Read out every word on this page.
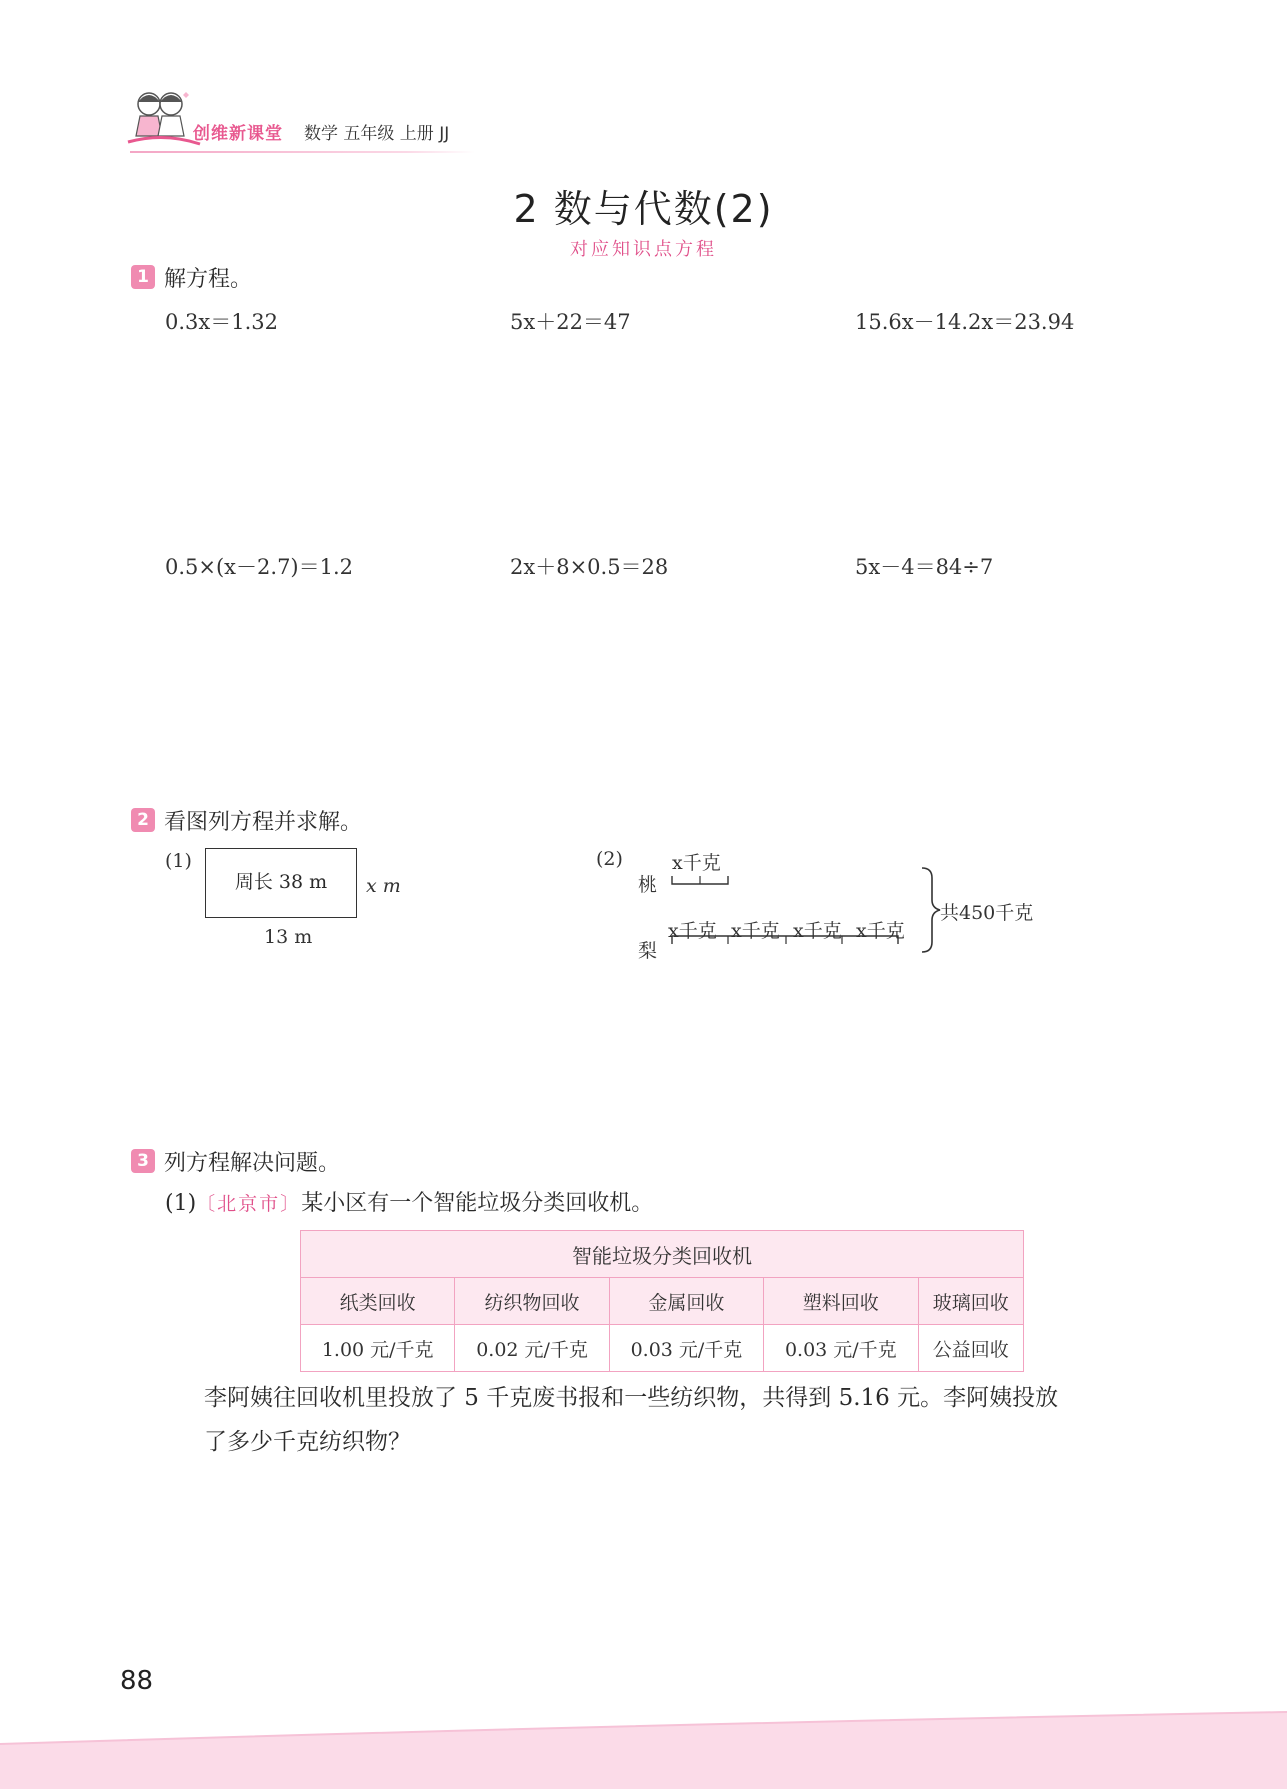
创维新课堂 数学 五年级 上册 JJ
2 数与代数(2)
对应知识点方程
1 解方程。
0.3x＝1.32	5x＋22＝47	15.6x－14.2x＝23.94
0.5×(x－2.7)＝1.2	2x＋8×0.5＝28	5x－4＝84÷7
2 看图列方程并求解。
(1)
周长 38 m	x m
13 m
(2)
桃
梨
x千克
x千克 x千克 x千克 x千克
共450千克
3 列方程解决问题。
(1)〔北京市〕某小区有一个智能垃圾分类回收机。
智能垃圾分类回收机				
纸类回收	纺织物回收	金属回收	塑料回收	玻璃回收
1.00 元/千克	0.02 元/千克	0.03 元/千克	0.03 元/千克	公益回收
李阿姨往回收机里投放了 5 千克废书报和一些纺织物，共得到 5.16 元。李阿姨投放
了多少千克纺织物？
88
